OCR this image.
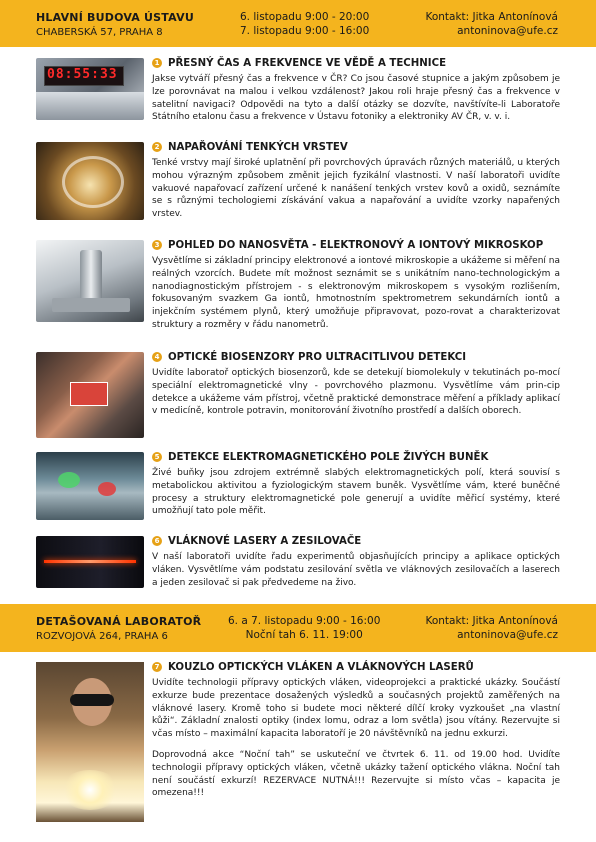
HLAVNÍ BUDOVA ÚSTAVU
CHABERSKÁ 57, PRAHA 8
6. listopadu 9:00 - 20:00
7. listopadu 9:00 - 16:00
Kontakt: Jitka Antonínová
antoninova@ufe.cz
08:55:33
1 PŘESNÝ ČAS A FREKVENCE VE VĚDĚ A TECHNICE
Jakse vytváří přesný čas a frekvence v ČR? Co jsou časové stupnice a jakým způsobem je lze porovnávat na malou i velkou vzdálenost? Jakou roli hraje přesný čas a frekvence v satelitní navigaci? Odpovědi na tyto a další otázky se dozvíte, navštívíte-li Laboratoře Státního etalonu času a frekvence v Ústavu fotoniky a elektroniky AV ČR, v. v. i.
2 NAPAŘOVÁNÍ TENKÝCH VRSTEV
Tenké vrstvy mají široké uplatnění při povrchových úpravách různých materiálů, u kterých mohou výrazným způsobem změnit jejich fyzikální vlastnosti. V naší laboratoři uvidíte vakuové napařovací zařízení určené k nanášení tenkých vrstev kovů a oxidů, seznámíte se s různými techologiemi získávání vakua a napařování a uvidíte vzorky napařených vrstev.
3 POHLED DO NANOSVĚTA - ELEKTRONOVÝ A IONTOVÝ MIKROSKOP
Vysvětlíme si základní principy elektronové a iontové mikroskopie a ukážeme si měření na reálných vzorcích. Budete mít možnost seznámit se s unikátním nano-technologickým a nanodiagnostickým přístrojem - s elektronovým mikroskopem s vysokým rozlišením, fokusovaným svazkem Ga iontů, hmotnostním spektrometrem sekundárních iontů a injekčním systémem plynů, který umožňuje připravovat, pozo-rovat a charakterizovat struktury a rozměry v řádu nanometrů.
4 OPTICKÉ BIOSENZORY PRO ULTRACITLIVOU DETEKCI
Uvidíte laboratoř optických biosenzorů, kde se detekují biomolekuly v tekutinách po-mocí speciální elektromagnetické vlny - povrchového plazmonu. Vysvětlíme vám prin-cip detekce a ukážeme vám přístroj, včetně praktické demonstrace měření a příklady aplikací v medicíně, kontrole potravin, monitorování životního prostředí a dalších oborech.
5 DETEKCE ELEKTROMAGNETICKÉHO POLE ŽIVÝCH BUNĚK
Živé buňky jsou zdrojem extrémně slabých elektromagnetických polí, která souvisí s metabolickou aktivitou a fyziologickým stavem buněk. Vysvětlíme vám, které buněčné procesy a struktury elektromagnetické pole generují a uvidíte měřicí systémy, které umožňují tato pole měřit.
6 VLÁKNOVÉ LASERY A ZESILOVAČE
V naší laboratoři uvidíte řadu experimentů objasňujících principy a aplikace optických vláken. Vysvětlíme vám podstatu zesilování světla ve vláknových zesilovačích a laserech a jeden zesilovač si pak předvedeme na živo.
DETAŠOVANÁ LABORATOŘ
ROZVOJOVÁ 264, PRAHA 6
6. a 7. listopadu 9:00 - 16:00
Noční tah 6. 11. 19:00
Kontakt: Jitka Antonínová
antoninova@ufe.cz
7 KOUZLO OPTICKÝCH VLÁKEN A VLÁKNOVÝCH LASERŮ

Uvidíte technologii přípravy optických vláken, videoprojekci a praktické ukázky. Součástí exkurze bude prezentace dosažených výsledků a současných projektů zaměřených na vláknové lasery. Kromě toho si budete moci některé dílčí kroky vyzkoušet „na vlastní kůži“. Základní znalosti optiky (index lomu, odraz a lom světla) jsou vítány. Rezervujte si včas místo – maximální kapacita laboratoří je 20 návštěvníků na jednu exkurzi.

Doprovodná akce “Noční tah” se uskuteční ve čtvrtek 6. 11. od 19.00 hod. Uvidíte technologii přípravy optických vláken, včetně ukázky tažení optického vlákna. Noční tah není součástí exkurzí! REZERVACE NUTNÁ!!! Rezervujte si místo včas – kapacita je omezena!!!
